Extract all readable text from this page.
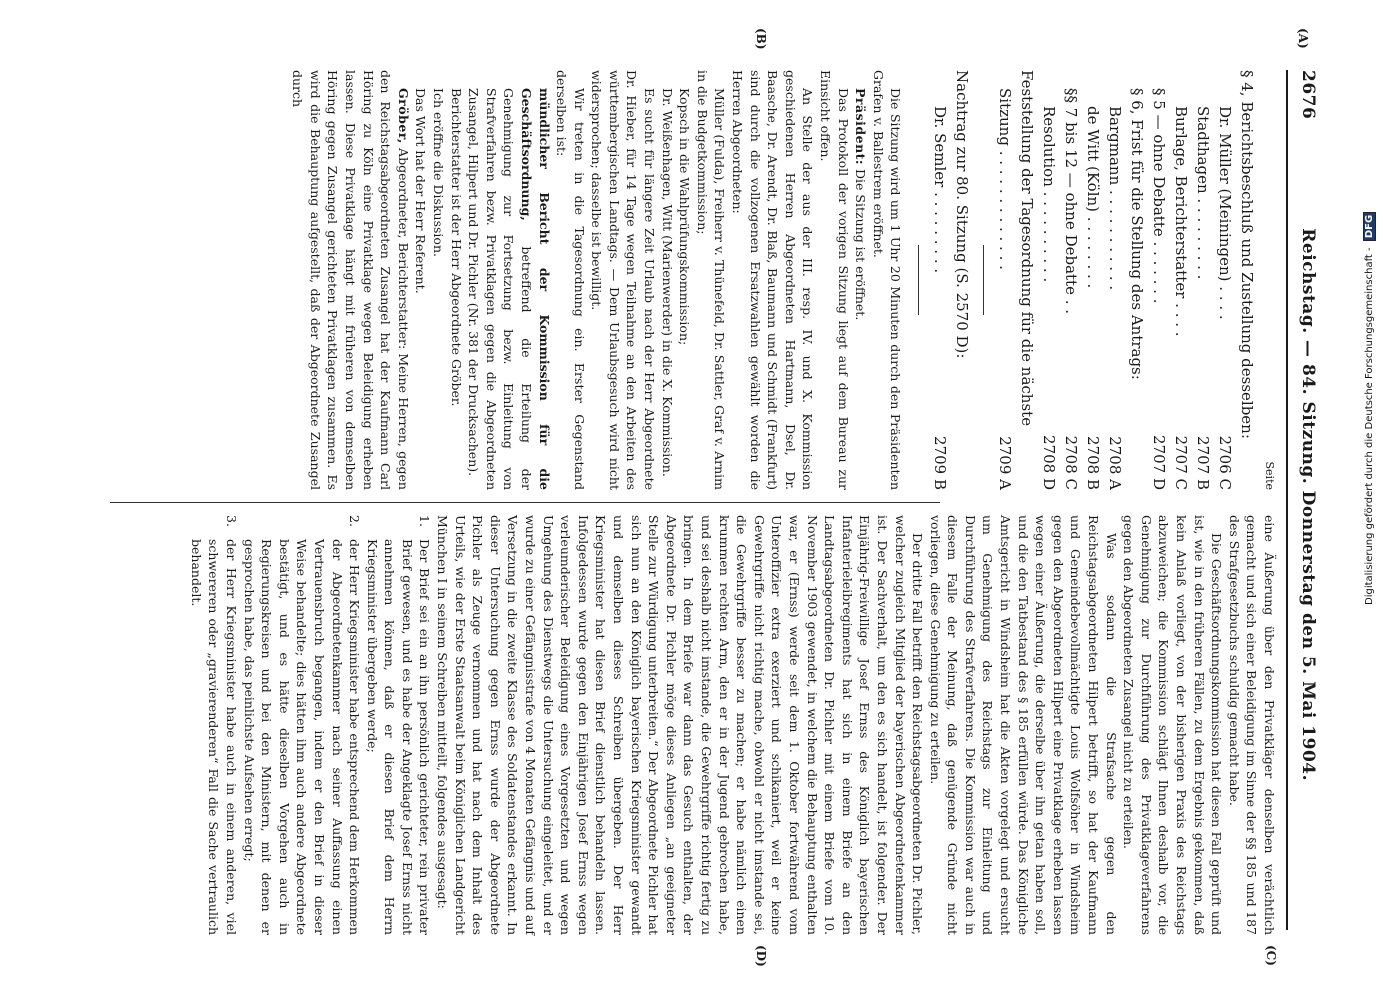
2676
Reichstag. — 84. Sitzung. Donnerstag den 5. Mai 1904.
(A)
(B)
(C)
(D)
Seite
§ 4, Berichtsbeschluß und Zustellung desselben:
Dr. Müller (Meiningen) . . . .
2706 C
Stadthagen . . . . . . . . .
2707 B
Burlage, Berichterstatter . . . .
2707 C
§ 5 — ohne Debatte . . . . . . .
2707 D
§ 6, Frist für die Stellung des Antrags:
Bargmann . . . . . . . . . . .
2708 A
de Witt (Köln) . . . . . . . .
2708 B
§§ 7 bis 12 — ohne Debatte . .
2708 C
Resolution . . . . . . . . . .
2708 D
Feststellung der Tagesordnung für die nächste
Sitzung . . . . . . . . . . . . .
2709 A
Nachtrag zur 80. Sitzung (S. 2570 D):
Dr. Semler . . . . . . . . .
2709 B

Die Sitzung wird um 1 Uhr 20 Minuten durch den Präsidenten Grafen v. Ballestrem eröffnet.

Präsident: Die Sitzung ist eröffnet.

Das Protokoll der vorigen Sitzung liegt auf dem Bureau zur Einsicht offen.

An Stelle der aus der III. resp. IV. und X. Kommission geschiedenen Herren Abgeordneten Hartmann, Dsel, Dr. Baasche, Dr. Arendt, Dr. Blaß, Baumann und Schmidt (Frankfurt) sind durch die vollzogenen Ersatzwahlen gewählt worden die Herren Abgeordneten:

Müller (Fulda), Freiherr v. Thünefeld, Dr. Sattler, Graf v. Arnim in die Budgetkommission;

Kopsch in die Wahlprüfungskommission;

Dr. Weißenhagen, Witt (Marienwerder) in die X. Kommission.

Es sucht für längere Zeit Urlaub nach der Herr Abgeordnete Dr. Hieber, für 14 Tage wegen Teilnahme an den Arbeiten des württembergischen Landtags. — Dem Urlaubsgesuch wird nicht widersprochen; dasselbe ist bewilligt.

Wir treten in die Tagesordnung ein. Erster Gegenstand derselben ist:

mündlicher Bericht der Kommission für die Geschäftsordnung, betreffend die Erteilung der Genehmigung zur Fortsetzung bezw. Einleitung von Strafverfahren bezw. Privatklagen gegen die Abgeordneten Zusangel, Hilpert und Dr. Pichler (Nr. 381 der Drucksachen).

Berichterstatter ist der Herr Abgeordnete Gröber.

Ich eröffne die Diskussion.

Das Wort hat der Herr Referent.

Gröber, Abgeordneter, Berichterstatter: Meine Herren, gegen den Reichstagsabgeordneten Zusangel hat der Kaufmann Carl Höring zu Köln eine Privatklage wegen Beleidigung erheben lassen. Diese Privatklage hängt mit früheren von demselben Höring gegen Zusangel gerichteten Privatklagen zusammen. Es wird die Behauptung aufgestellt, daß der Abgeordnete Zusangel durch

eine Äußerung über den Privatkläger denselben verächtlich gemacht und sich einer Beleidigung im Sinne der §§ 185 und 187 des Strafgesetzbuchs schuldig gemacht habe.

Die Geschäftsordnungskommission hat diesen Fall geprüft und ist, wie in den früheren Fällen, zu dem Ergebnis gekommen, daß kein Anlaß vorliegt, von der bisherigen Praxis des Reichstags abzuweichen; die Kommission schlägt Ihnen deshalb vor, die Genehmigung zur Durchführung des Privatklageverfahrens gegen den Abgeordneten Zusangel nicht zu erteilen.

Was sodann die Strafsache gegen den Reichstagsabgeordneten Hilpert betrifft, so hat der Kaufmann und Gemeindebevollmächtigte Louis Wolfsöher in Windsheim gegen den Abgeordneten Hilpert eine Privatklage erheben lassen wegen einer Äußerung, die derselbe über ihn getan haben soll, und die den Tatbestand des § 185 erfüllen würde. Das Königliche Amtsgericht in Windsheim hat die Akten vorgelegt und ersucht um Genehmigung des Reichstags zur Einleitung und Durchführung des Strafverfahrens. Die Kommission war auch in diesem Falle der Meinung, daß genügende Gründe nicht vorliegen, diese Genehmigung zu erteilen.

Der dritte Fall betrifft den Reichstagsabgeordneten Dr. Pichler, welcher zugleich Mitglied der bayerischen Abgeordnetenkammer ist. Der Sachverhalt, um den es sich handelt, ist folgender. Der Einjährig-Freiwillige Josef Ernss des Königlich bayerischen Infanterieleibregiments hat sich in einem Briefe an den Landtagsabgeordneten Dr. Pichler mit einem Briefe vom 10. November 1903 gewendet, in welchem die Behauptung enthalten war, er (Ernss) werde seit dem 1. Oktober fortwährend vom Unteroffizier extra exerziert und schikaniert, weil er keine Gewehrgriffe nicht richtig mache, obwohl er nicht imstande sei, die Gewehrgriffe besser zu machen; er habe nämlich einen krummen rechten Arm, den er in der Jugend gebrochen habe, und sei deshalb nicht imstande, die Gewehrgriffe richtig fertig zu bringen. In dem Briefe war dann das Gesuch enthalten, der Abgeordnete Dr. Pichler möge dieses Anliegen „an geeigneter Stelle zur Würdigung unterbreiten.“ Der Abgeordnete Pichler hat sich nun an den Königlich bayerischen Kriegsminister gewandt und demselben dieses Schreiben übergeben. Der Herr Kriegsminister hat diesen Brief dienstlich behandeln lassen. Infolgedessen wurde gegen den Einjährigen Josef Ernss wegen verleumderischer Beleidigung eines Vorgesetzten und wegen Umgehung des Dienstwegs die Untersuchung eingeleitet, und er wurde zu einer Gefängnisstrafe von 4 Monaten Gefängnis und auf Versetzung in die zweite Klasse des Soldatenstandes erkannt. In dieser Untersuchung gegen Ernss wurde der Abgeordnete Pichler als Zeuge vernommen und hat nach dem Inhalt des Urteils, wie der Erste Staatsanwalt beim Königlichen Landgericht München I in seinem Schreiben mitteilt, folgendes ausgesagt:

1.

Der Brief sei ein an ihn persönlich gerichteter, rein privater Brief gewesen, und es habe der Angeklagte Josef Ernss nicht annehmen können, daß er diesen Brief dem Herrn Kriegsminister übergeben werde;

2.

der Herr Kriegsminister habe entsprechend dem Herkommen der Abgeordnetenkammer nach seiner Auffassung einen Vertrauensbruch begangen, indem er den Brief in dieser Weise behandelte; dies hätten ihm auch andere Abgeordnete bestätigt, und es hätte dieselben Vorgehen auch in Regierungskreisen und bei den Ministern, mit denen er gesprochen habe, das peinlichste Aufsehen erregt;

3.

der Herr Kriegsminister habe auch in einem anderen, viel schwereren oder „gravierenderen“ Fall die Sache vertraulich behandelt.	Digitalisierung gefördert durch die Deutsche Forschungsgemeinschaft - DFG
